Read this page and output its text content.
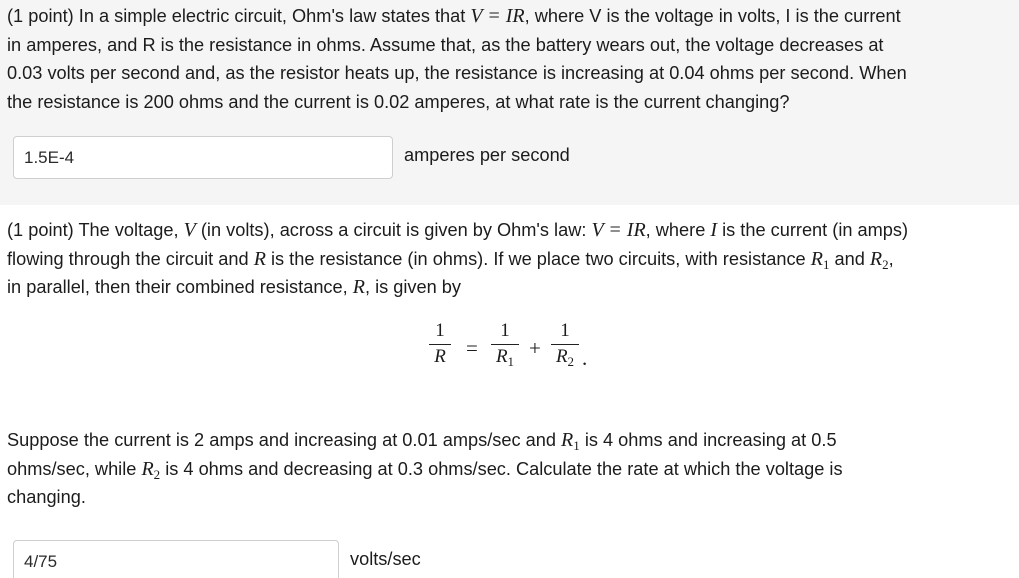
(1 point) In a simple electric circuit, Ohm's law states that V = IR, where V is the voltage in volts, I is the current
in amperes, and R is the resistance in ohms. Assume that, as the battery wears out, the voltage decreases at
0.03 volts per second and, as the resistor heats up, the resistance is increasing at 0.04 ohms per second. When
the resistance is 200 ohms and the current is 0.02 amperes, at what rate is the current changing?

1.5E-4
amperes per second

(1 point) The voltage, V (in volts), across a circuit is given by Ohm's law: V = IR, where I is the current (in amps)
flowing through the circuit and R is the resistance (in ohms). If we place two circuits, with resistance $R_1$ and $R_2$,
in parallel, then their combined resistance, R, is given by

1
R =
1
$R_1$
+
1
$R_2$ .

Suppose the current is 2 amps and increasing at 0.01 amps/sec and $R_1$ is 4 ohms and increasing at 0.5
ohms/sec, while $R_2$ is 4 ohms and decreasing at 0.3 ohms/sec. Calculate the rate at which the voltage is
changing.

4/75
volts/sec
